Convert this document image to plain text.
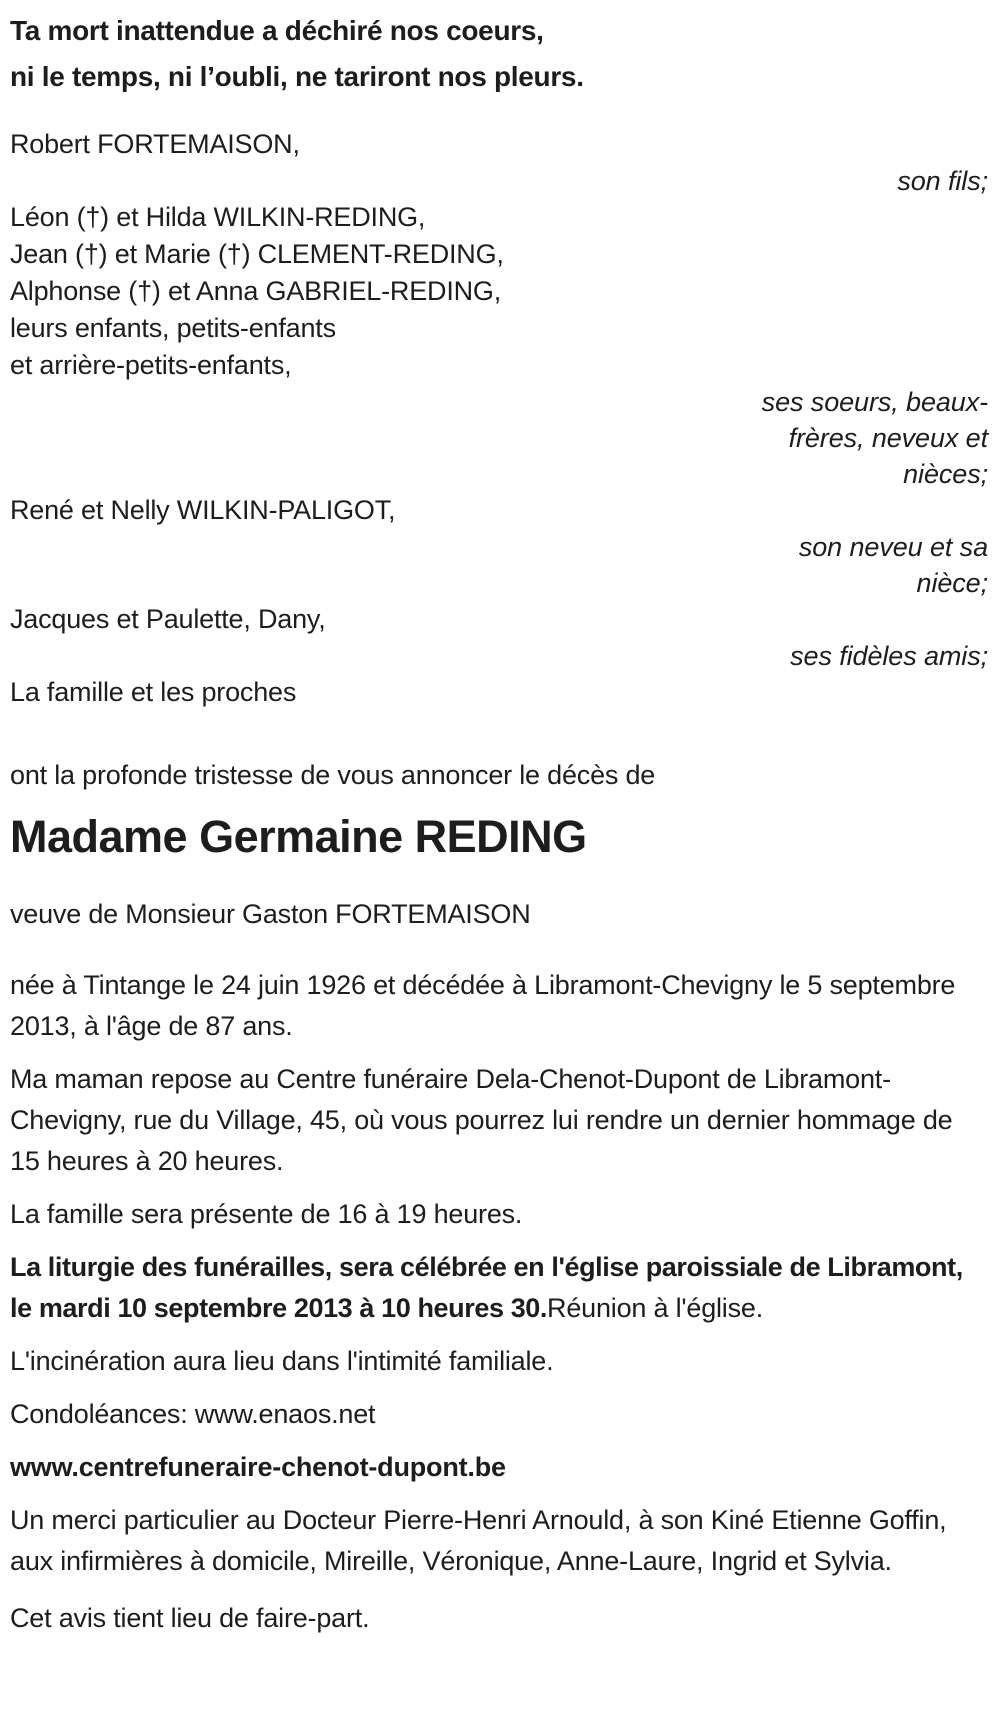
Ta mort inattendue a déchiré nos coeurs,

ni le temps, ni l’oubli, ne tariront nos pleurs.

Robert FORTEMAISON,

son fils;

Léon (†) et Hilda WILKIN-REDING,

Jean (†) et Marie (†) CLEMENT-REDING,

Alphonse (†) et Anna GABRIEL-REDING,

leurs enfants, petits-enfants

et arrière-petits-enfants,

ses soeurs, beaux-

frères, neveux et

nièces;

René et Nelly WILKIN-PALIGOT,

son neveu et sa

nièce;

Jacques et Paulette, Dany,

ses fidèles amis;

La famille et les proches

ont la profonde tristesse de vous annoncer le décès de

Madame Germaine REDING

veuve de Monsieur Gaston FORTEMAISON

née à Tintange le 24 juin 1926 et décédée à Libramont-Chevigny le 5 septembre 2013, à l'âge de 87 ans.

Ma maman repose au Centre funéraire Dela-Chenot-Dupont de Libramont-Chevigny, rue du Village, 45, où vous pourrez lui rendre un dernier hommage de 15 heures à 20 heures.

La famille sera présente de 16 à 19 heures.

La liturgie des funérailles, sera célébrée en l'église paroissiale de Libramont, le mardi 10 septembre 2013 à 10 heures 30.Réunion à l'église.

L'incinération aura lieu dans l'intimité familiale.

Condoléances: www.enaos.net

www.centrefuneraire-chenot-dupont.be

Un merci particulier au Docteur Pierre-Henri Arnould, à son Kiné Etienne Goffin, aux infirmières à domicile, Mireille, Véronique, Anne-Laure, Ingrid et Sylvia.

Cet avis tient lieu de faire-part.
